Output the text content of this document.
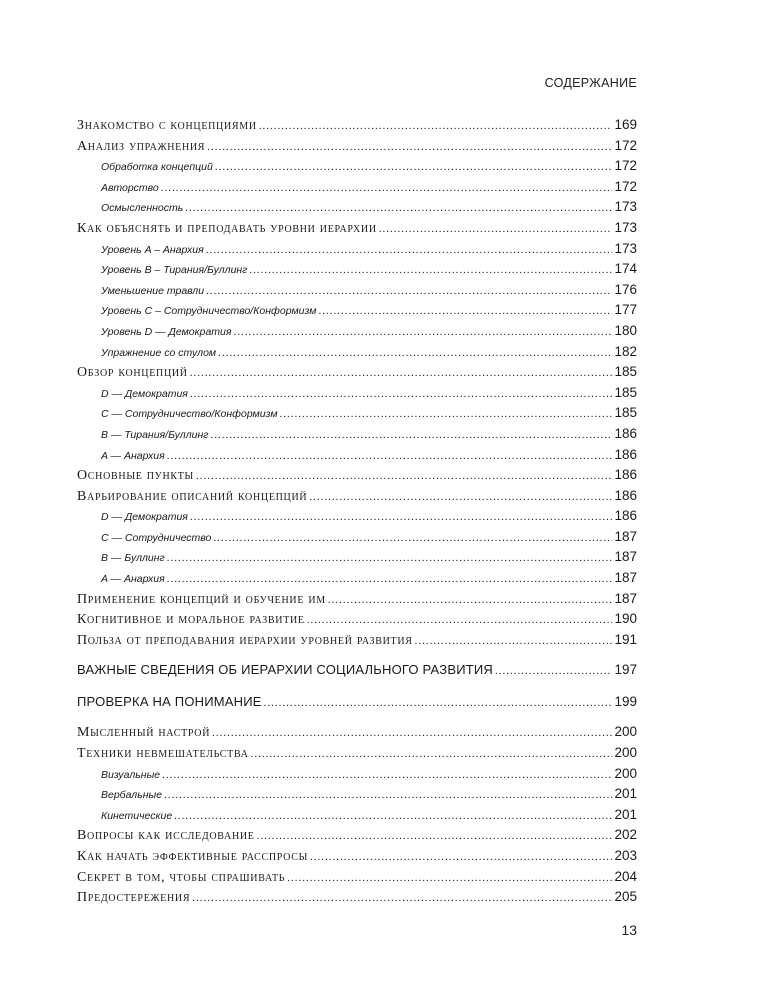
СОДЕРЖАНИЕ
Знакомство с концепциями .....	169
Анализ упражнения .....	172
Обработка концепций .....	172
Авторство .....	172
Осмысленность .....	173
Как объяснять и преподавать уровни иерархии .....	173
Уровень A – Анархия .....	173
Уровень B – Тирания/Буллинг .....	174
Уменьшение травли .....	176
Уровень C – Сотрудничество/Конформизм .....	177
Уровень D — Демократия .....	180
Упражнение со стулом .....	182
Обзор концепций .....	185
D — Демократия .....	185
C — Сотрудничество/Конформизм .....	185
B — Тирания/Буллинг .....	186
A — Анархия .....	186
Основные пункты .....	186
Варьирование описаний концепций .....	186
D — Демократия .....	186
C — Сотрудничество .....	187
B — Буллинг .....	187
A — Анархия .....	187
Применение концепций и обучение им .....	187
Когнитивное и моральное развитие .....	190
Польза от преподавания иерархии уровней развития .....	191
ВАЖНЫЕ СВЕДЕНИЯ ОБ ИЕРАРХИИ СОЦИАЛЬНОГО РАЗВИТИЯ .....	197
ПРОВЕРКА НА ПОНИМАНИЕ .....	199
Мысленный настрой .....	200
Техники невмешательства .....	200
Визуальные .....	200
Вербальные .....	201
Кинетические .....	201
Вопросы как исследование .....	202
Как начать эффективные расспросы .....	203
Секрет в том, чтобы спрашивать .....	204
Предостережения .....	205
13
